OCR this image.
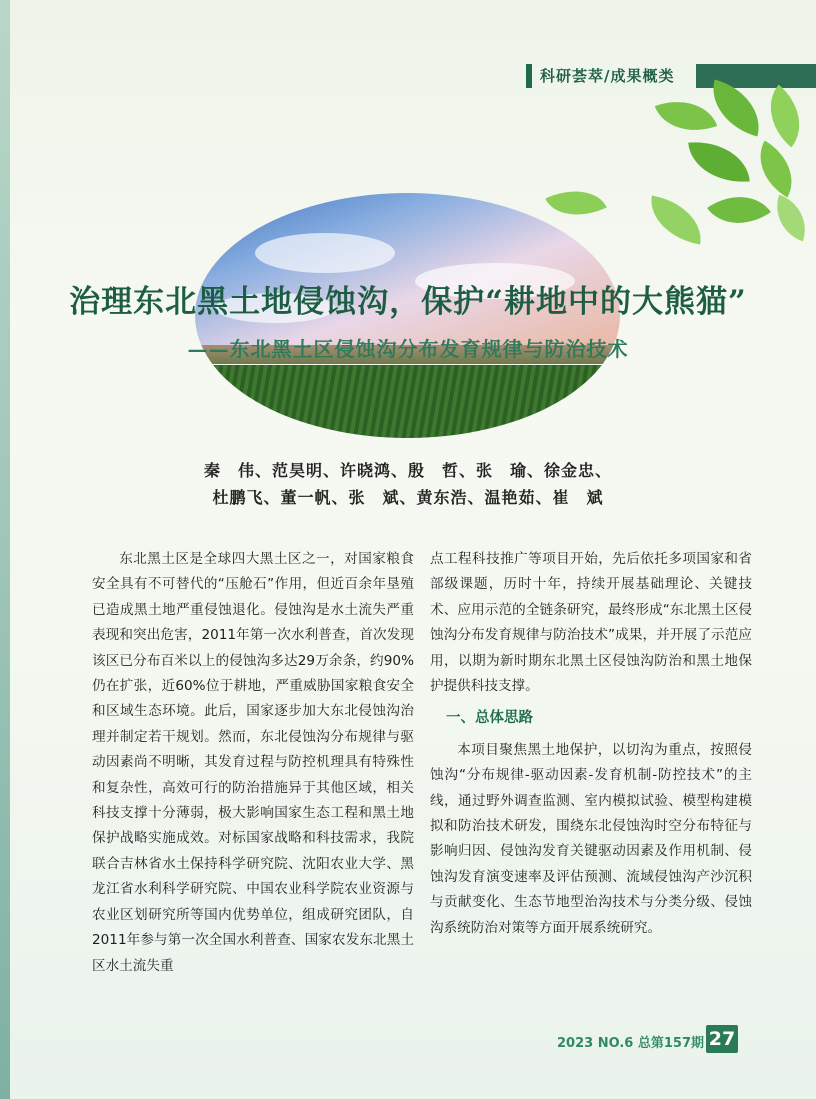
科研荟萃/成果概类
治理东北黑土地侵蚀沟，保护“耕地中的大熊猫”
——东北黑土区侵蚀沟分布发育规律与防治技术
秦　伟、范昊明、许晓鸿、殷　哲、张　瑜、徐金忠、
杜鹏飞、董一帆、张　斌、黄东浩、温艳茹、崔　斌

东北黑土区是全球四大黑土区之一，对国家粮食安全具有不可替代的“压舱石”作用，但近百余年垦殖已造成黑土地严重侵蚀退化。侵蚀沟是水土流失严重表现和突出危害，2011年第一次水利普查，首次发现该区已分布百米以上的侵蚀沟多达29万余条，约90%仍在扩张，近60%位于耕地，严重威胁国家粮食安全和区域生态环境。此后，国家逐步加大东北侵蚀沟治理并制定若干规划。然而，东北侵蚀沟分布规律与驱动因素尚不明晰，其发育过程与防控机理具有特殊性和复杂性，高效可行的防治措施异于其他区域，相关科技支撑十分薄弱，极大影响国家生态工程和黑土地保护战略实施成效。对标国家战略和科技需求，我院联合吉林省水土保持科学研究院、沈阳农业大学、黑龙江省水利科学研究院、中国农业科学院农业资源与农业区划研究所等国内优势单位，组成研究团队，自2011年参与第一次全国水利普查、国家农发东北黑土区水土流失重

点工程科技推广等项目开始，先后依托多项国家和省部级课题，历时十年，持续开展基础理论、关键技术、应用示范的全链条研究，最终形成“东北黑土区侵蚀沟分布发育规律与防治技术”成果，并开展了示范应用，以期为新时期东北黑土区侵蚀沟防治和黑土地保护提供科技支撑。

一、总体思路

本项目聚焦黑土地保护，以切沟为重点，按照侵蚀沟“分布规律-驱动因素-发育机制-防控技术”的主线，通过野外调查监测、室内模拟试验、模型构建模拟和防治技术研发，围绕东北侵蚀沟时空分布特征与影响归因、侵蚀沟发育关键驱动因素及作用机制、侵蚀沟发育演变速率及评估预测、流域侵蚀沟产沙沉积与贡献变化、生态节地型治沟技术与分类分级、侵蚀沟系统防治对策等方面开展系统研究。

2023 NO.6 总第157期 27
